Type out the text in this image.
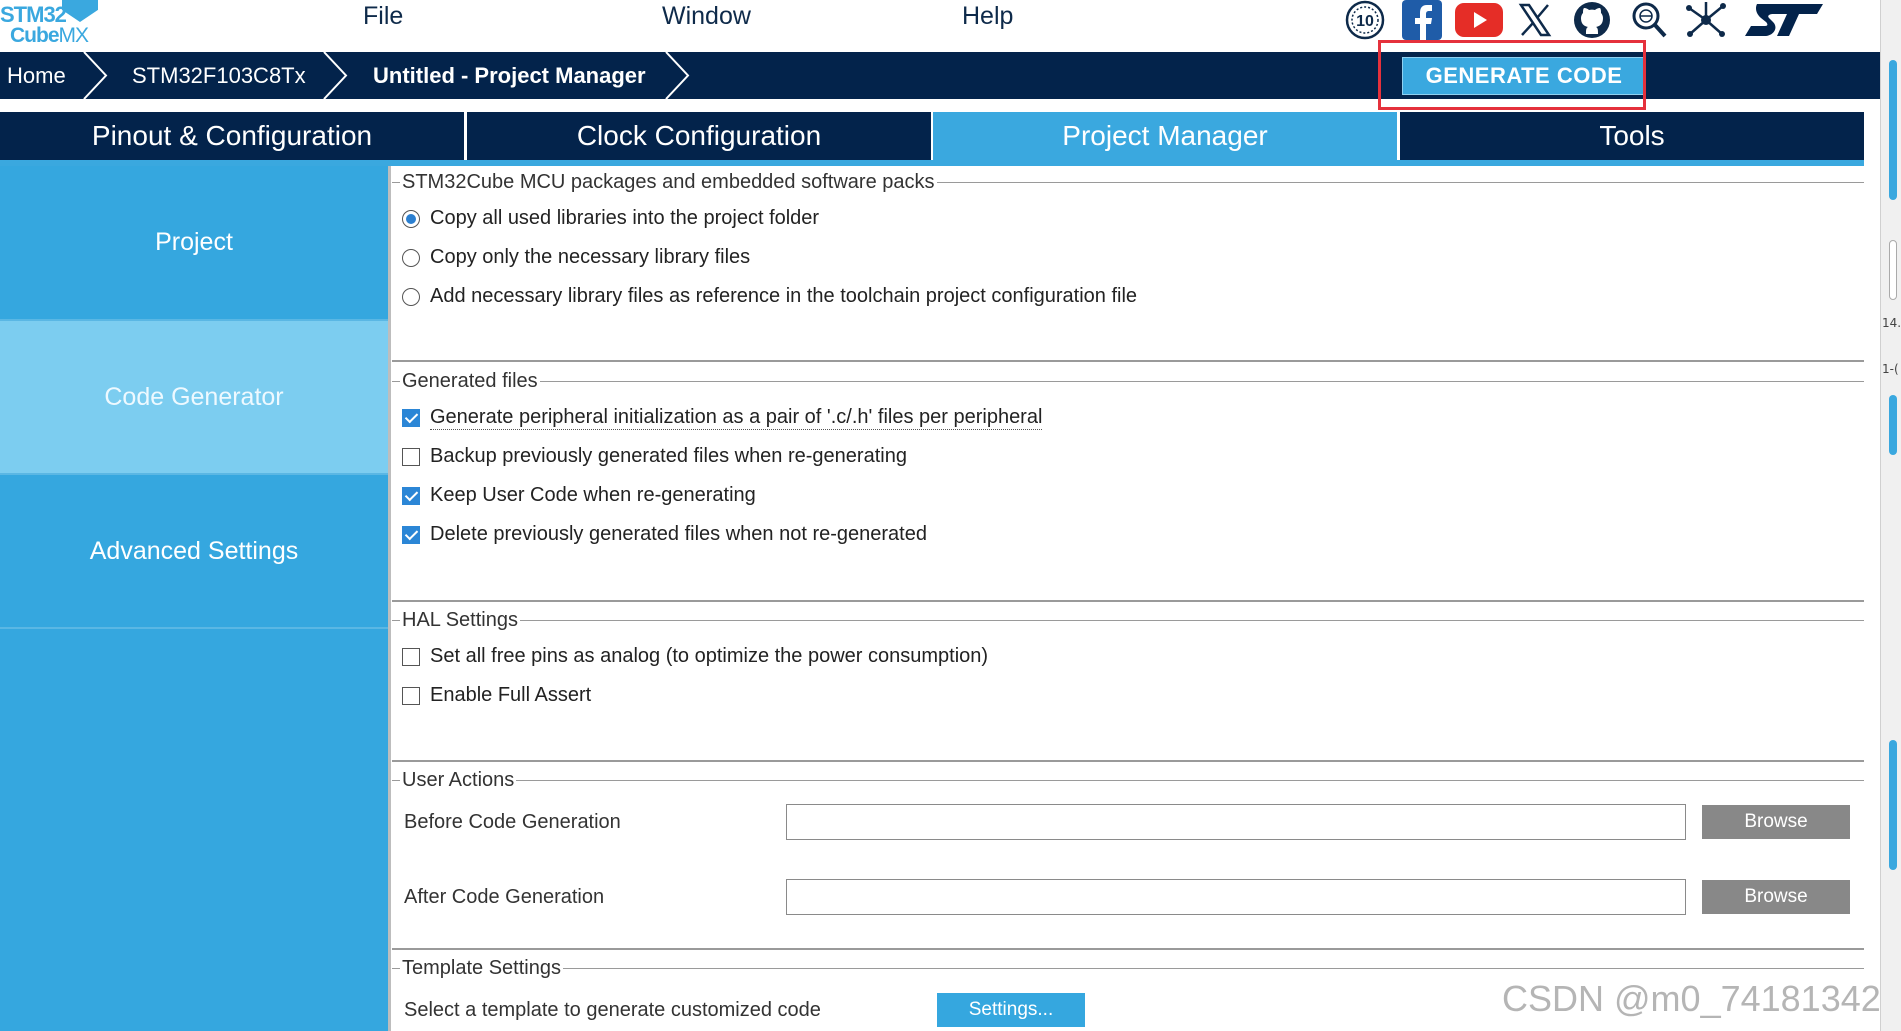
STM32
CubeMX
File	Window	Help	10
Home	STM32F103C8Tx	Untitled - Project Manager	GENERATE CODE
Pinout & Configuration	Clock Configuration	Project Manager	Tools
Project
Code Generator
Advanced Settings
STM32Cube MCU packages and embedded software packs
Copy all used libraries into the project folder
Copy only the necessary library files
Add necessary library files as reference in the toolchain project configuration file
Generated files
Generate peripheral initialization as a pair of '.c/.h' files per peripheral
Backup previously generated files when re-generating
Keep User Code when re-generating
Delete previously generated files when not re-generated
HAL Settings
Set all free pins as analog (to optimize the power consumption)
Enable Full Assert
User Actions
Before Code Generation	Browse
After Code Generation	Browse
Template Settings
Select a template to generate customized code	Settings...
14.
1-(
CSDN @m0_74181342
